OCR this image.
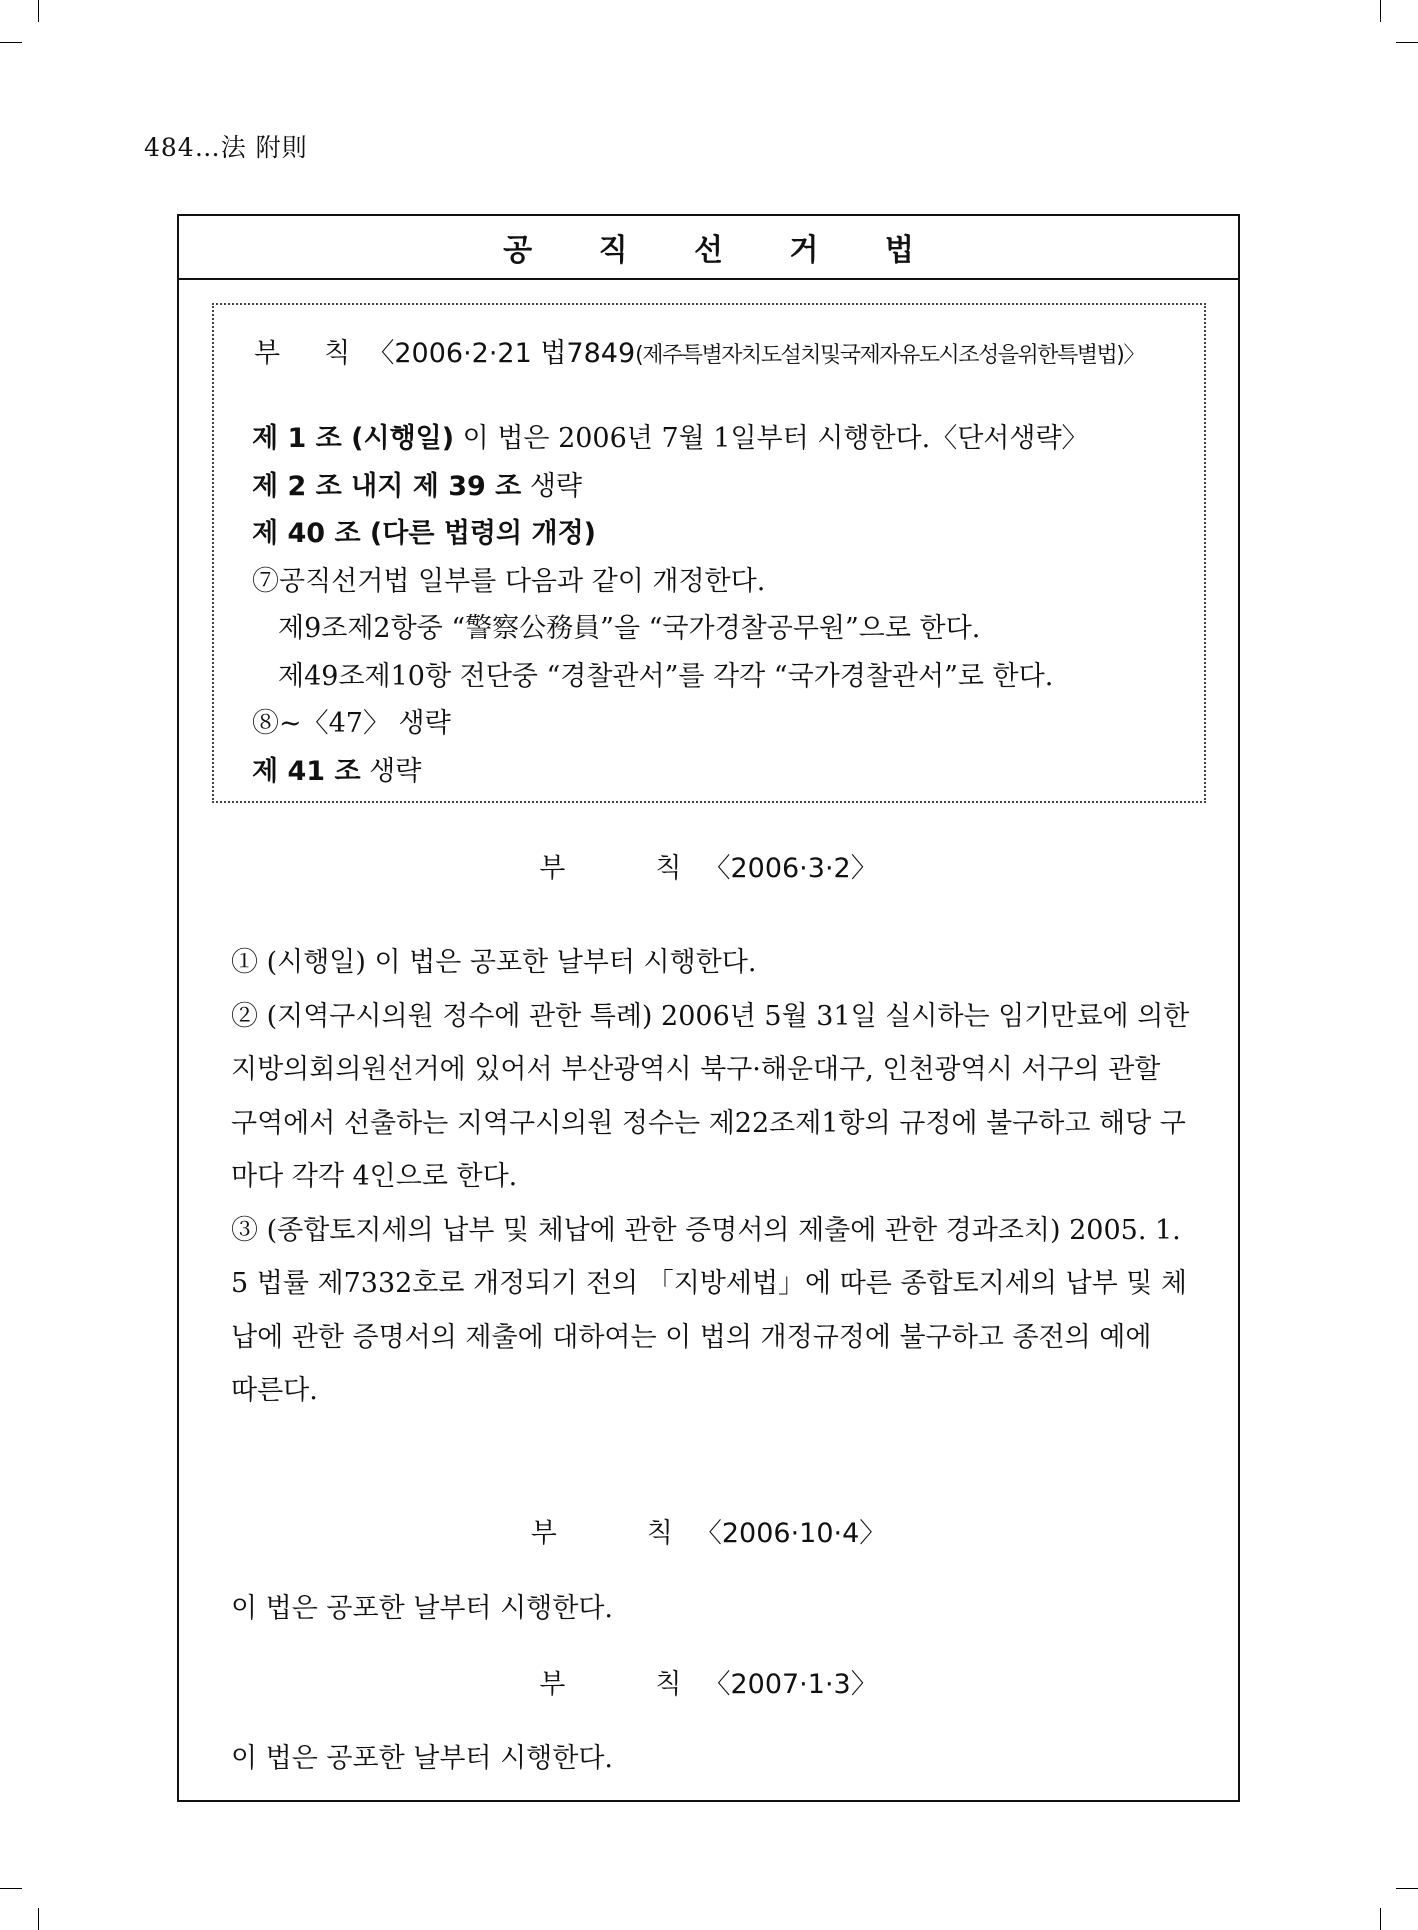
484…法 附則
공 직 선 거 법
부 칙 〈2006·2·21 법7849(제주특별자치도설치및국제자유도시조성을위한특별법)〉
제 1 조 (시행일) 이 법은 2006년 7월 1일부터 시행한다.〈단서생략〉
제 2 조 내지 제 39 조 생략
제 40 조 (다른 법령의 개정)
⑦공직선거법 일부를 다음과 같이 개정한다.
제9조제2항중 “警察公務員”을 “국가경찰공무원”으로 한다.
제49조제10항 전단중 “경찰관서”를 각각 “국가경찰관서”로 한다.
⑧~〈47〉 생략
제 41 조 생략
부	칙 〈2006·3·2〉
① (시행일) 이 법은 공포한 날부터 시행한다.
② (지역구시의원 정수에 관한 특례) 2006년 5월 31일 실시하는 임기만료에 의한
지방의회의원선거에 있어서 부산광역시 북구·해운대구, 인천광역시 서구의 관할
구역에서 선출하는 지역구시의원 정수는 제22조제1항의 규정에 불구하고 해당 구
마다 각각 4인으로 한다.
③ (종합토지세의 납부 및 체납에 관한 증명서의 제출에 관한 경과조치) 2005. 1.
5 법률 제7332호로 개정되기 전의 「지방세법」에 따른 종합토지세의 납부 및 체
납에 관한 증명서의 제출에 대하여는 이 법의 개정규정에 불구하고 종전의 예에
따른다.
부	칙 〈2006·10·4〉
이 법은 공포한 날부터 시행한다.
부	칙 〈2007·1·3〉
이 법은 공포한 날부터 시행한다.
